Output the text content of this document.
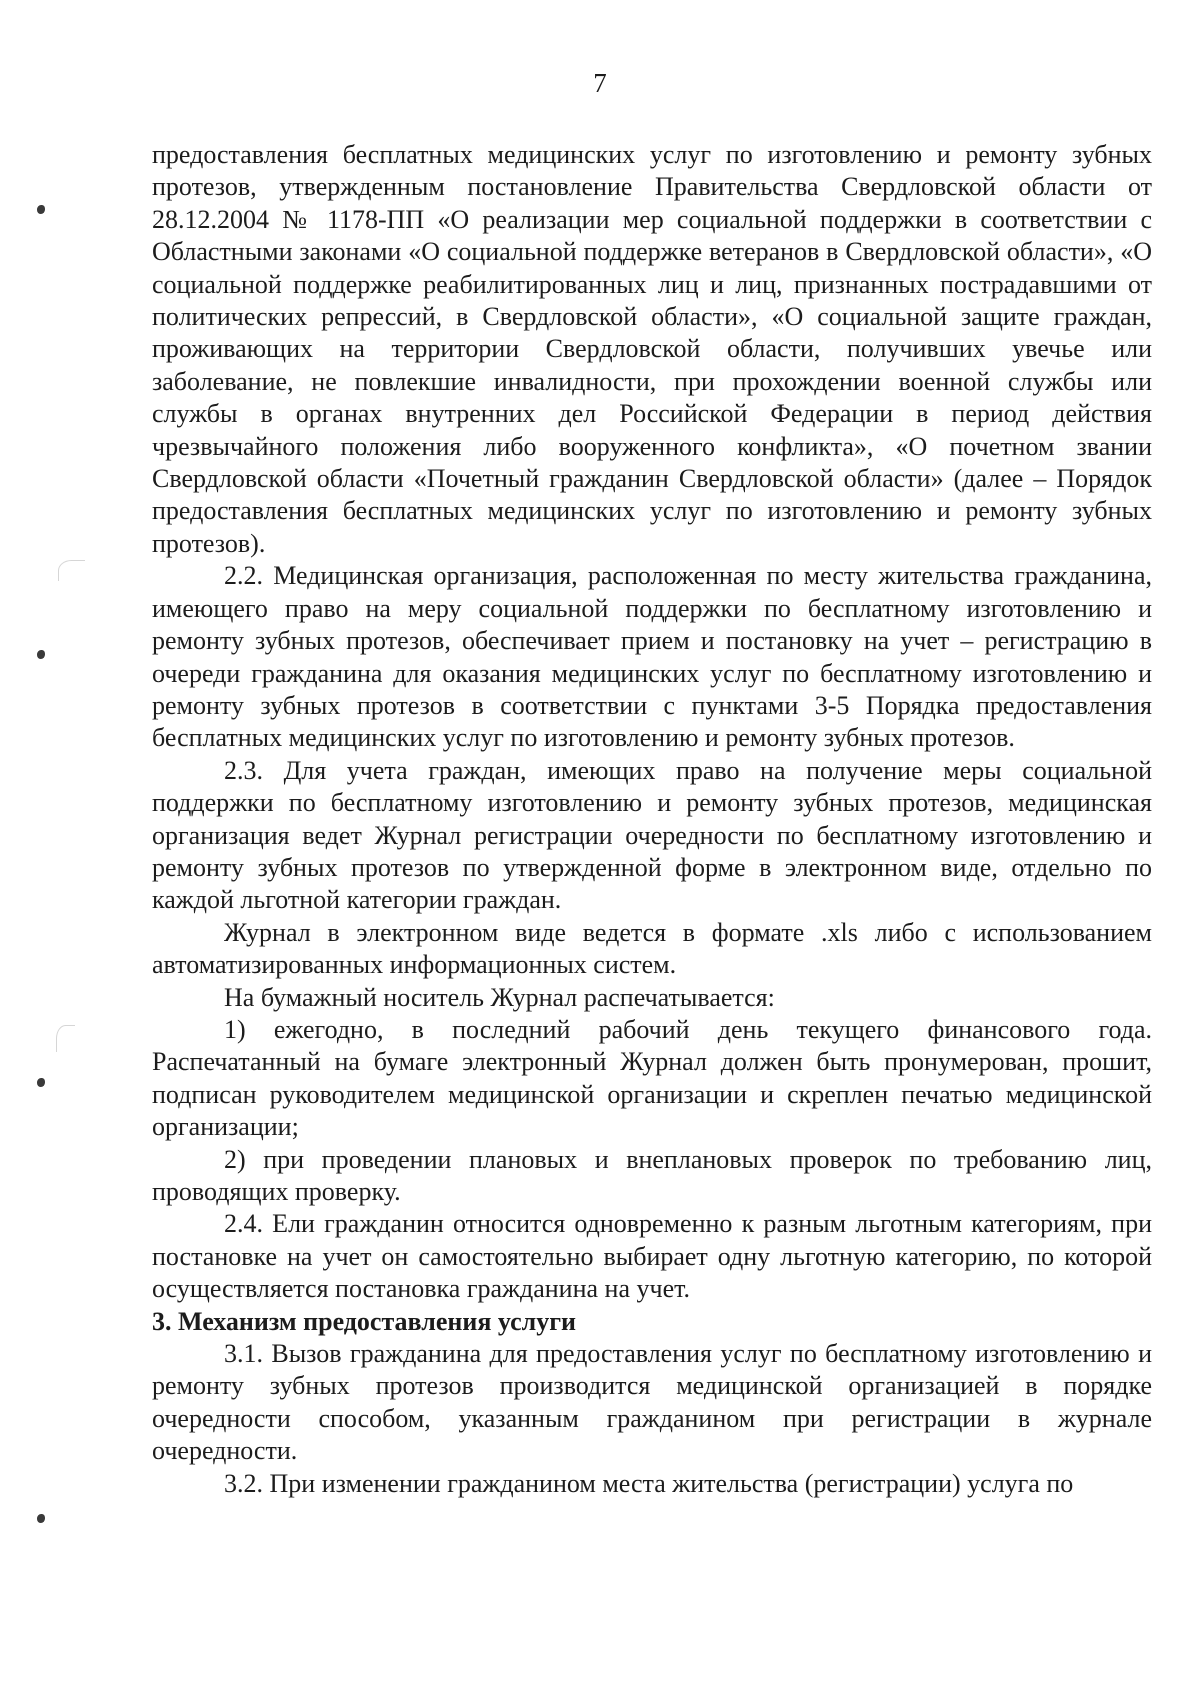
7

предоставления бесплатных медицинских услуг по изготовлению и ремонту зубных протезов, утвержденным постановление Правительства Свердловской области от 28.12.2004 № 1178-ПП «О реализации мер социальной поддержки в соответствии с Областными законами «О социальной поддержке ветеранов в Свердловской области», «О социальной поддержке реабилитированных лиц и лиц, признанных пострадавшими от политических репрессий, в Свердловской области», «О социальной защите граждан, проживающих на территории Свердловской области, получивших увечье или заболевание, не повлекшие инвалидности, при прохождении военной службы или службы в органах внутренних дел Российской Федерации в период действия чрезвычайного положения либо вооруженного конфликта», «О почетном звании Свердловской области «Почетный гражданин Свердловской области» (далее – Порядок предоставления бесплатных медицинских услуг по изготовлению и ремонту зубных протезов).

2.2. Медицинская организация, расположенная по месту жительства гражданина, имеющего право на меру социальной поддержки по бесплатному изготовлению и ремонту зубных протезов, обеспечивает прием и постановку на учет – регистрацию в очереди гражданина для оказания медицинских услуг по бесплатному изготовлению и ремонту зубных протезов в соответствии с пунктами 3-5 Порядка предоставления бесплатных медицинских услуг по изготовлению и ремонту зубных протезов.

2.3. Для учета граждан, имеющих право на получение меры социальной поддержки по бесплатному изготовлению и ремонту зубных протезов, медицинская организация ведет Журнал регистрации очередности по бесплатному изготовлению и ремонту зубных протезов по утвержденной форме в электронном виде, отдельно по каждой льготной категории граждан.

Журнал в электронном виде ведется в формате .xls либо с использованием автоматизированных информационных систем.

На бумажный носитель Журнал распечатывается:

1) ежегодно, в последний рабочий день текущего финансового года. Распечатанный на бумаге электронный Журнал должен быть пронумерован, прошит, подписан руководителем медицинской организации и скреплен печатью медицинской организации;

2) при проведении плановых и внеплановых проверок по требованию лиц, проводящих проверку.

2.4. Ели гражданин относится одновременно к разным льготным категориям, при постановке на учет он самостоятельно выбирает одну льготную категорию, по которой осуществляется постановка гражданина на учет.

3. Механизм предоставления услуги

3.1. Вызов гражданина для предоставления услуг по бесплатному изготовлению и ремонту зубных протезов производится медицинской организацией в порядке очередности способом, указанным гражданином при регистрации в журнале очередности.

3.2. При изменении гражданином места жительства (регистрации) услуга по
